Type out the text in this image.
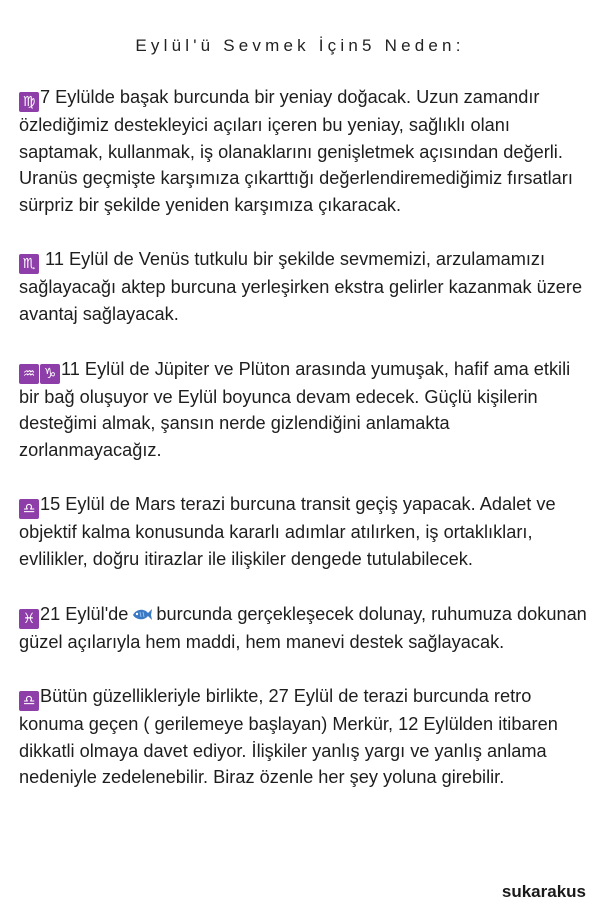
Eylül'ü Sevmek İçin5 Neden:

♍ 7 Eylülde başak burcunda bir yeniay doğacak. Uzun zamandır özlediğimiz destekleyici açıları içeren bu yeniay, sağlıklı olanı saptamak, kullanmak, iş olanaklarını genişletmek açısından değerli. Uranüs geçmişte karşımıza çıkarttığı değerlendiremediğimiz fırsatları sürpriz bir şekilde yeniden karşımıza çıkaracak.

♏ 11 Eylül de Venüs tutkulu bir şekilde sevmemizi, arzulamamızı sağlayacağı aktep burcuna yerleşirken ekstra gelirler kazanmak üzere avantaj sağlayacak.

♒ ♑ 11 Eylül de Jüpiter ve Plüton arasında yumuşak, hafif ama etkili bir bağ oluşuyor ve Eylül boyunca devam edecek. Güçlü kişilerin desteğimi almak, şansın nerde gizlendiğini anlamakta zorlanmayacağız.

♎ 15 Eylül de Mars terazi burcuna transit geçiş yapacak. Adalet ve objektif kalma konusunda kararlı adımlar atılırken, iş ortaklıkları, evlilikler, doğru itirazlar ile ilişkiler dengede tutulabilecek.

♓ 21 Eylül'de burcunda gerçekleşecek dolunay, ruhumuza dokunan güzel açılarıyla hem maddi, hem manevi destek sağlayacak.

♎ Bütün güzellikleriyle birlikte, 27 Eylül de terazi burcunda retro konuma geçen ( gerilemeye başlayan) Merkür, 12 Eylülden itibaren dikkatli olmaya davet ediyor. İlişkiler yanlış yargı ve yanlış anlama nedeniyle zedelenebilir. Biraz özenle her şey yoluna girebilir.

sukarakus
